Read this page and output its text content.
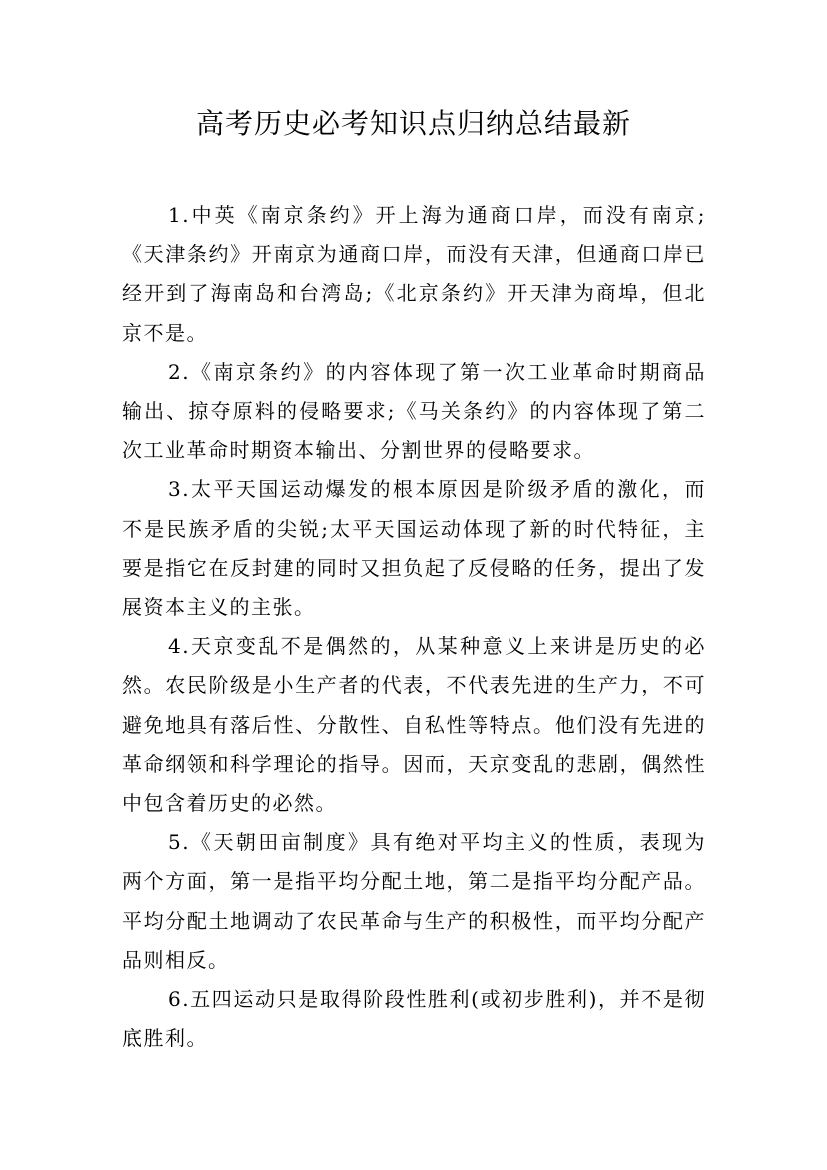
高考历史必考知识点归纳总结最新

1.中英《南京条约》开上海为通商口岸，而没有南京;《天津条约》开南京为通商口岸，而没有天津，但通商口岸已经开到了海南岛和台湾岛;《北京条约》开天津为商埠，但北京不是。

2.《南京条约》的内容体现了第一次工业革命时期商品输出、掠夺原料的侵略要求;《马关条约》的内容体现了第二次工业革命时期资本输出、分割世界的侵略要求。

3.太平天国运动爆发的根本原因是阶级矛盾的激化，而不是民族矛盾的尖锐;太平天国运动体现了新的时代特征，主要是指它在反封建的同时又担负起了反侵略的任务，提出了发展资本主义的主张。

4.天京变乱不是偶然的，从某种意义上来讲是历史的必然。农民阶级是小生产者的代表，不代表先进的生产力，不可避免地具有落后性、分散性、自私性等特点。他们没有先进的革命纲领和科学理论的指导。因而，天京变乱的悲剧，偶然性中包含着历史的必然。

5.《天朝田亩制度》具有绝对平均主义的性质，表现为两个方面，第一是指平均分配土地，第二是指平均分配产品。平均分配土地调动了农民革命与生产的积极性，而平均分配产品则相反。

6.五四运动只是取得阶段性胜利(或初步胜利)，并不是彻底胜利。
